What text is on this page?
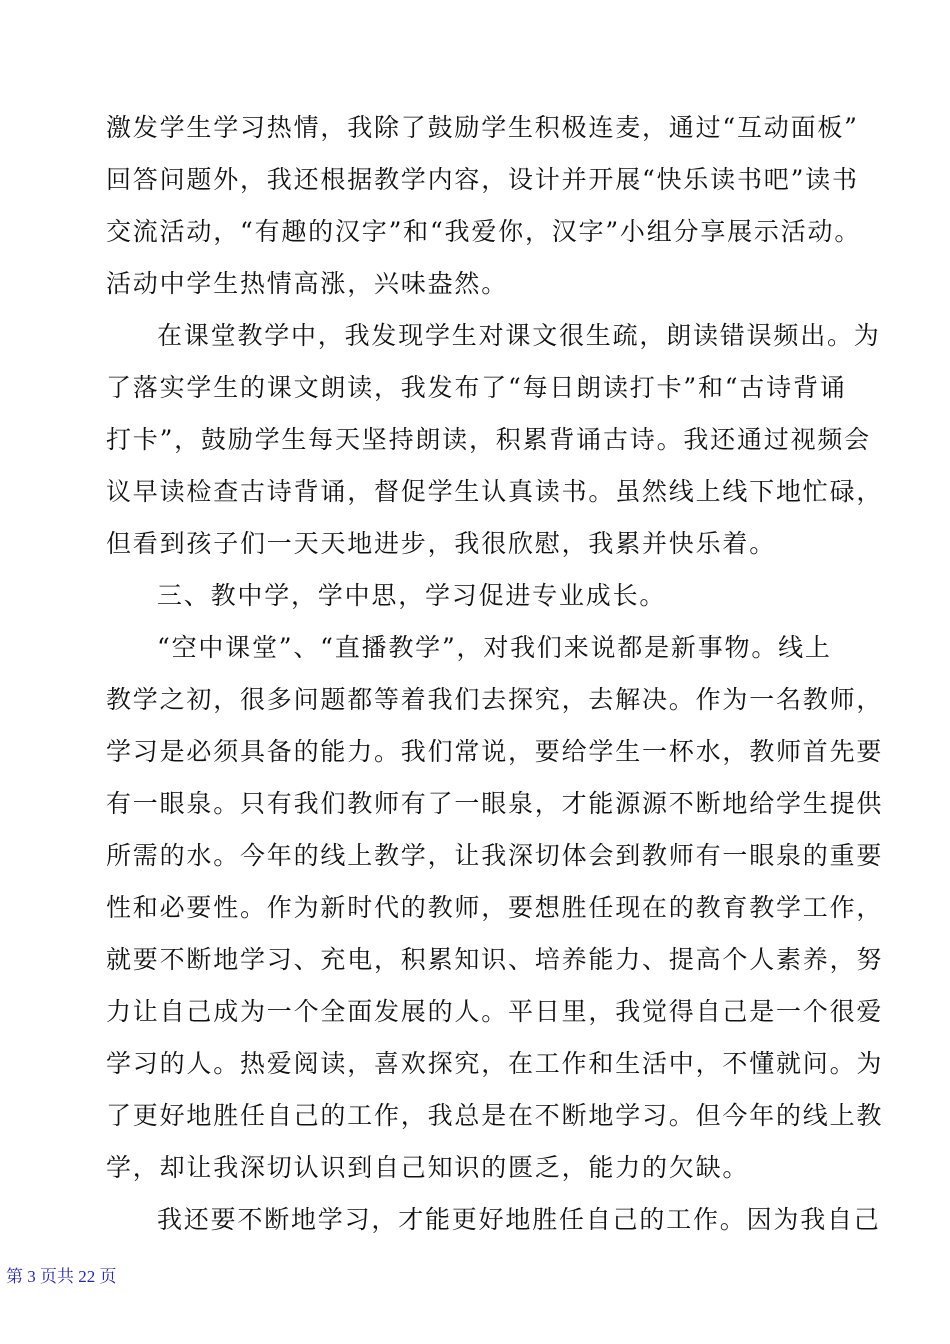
激发学生学习热情，我除了鼓励学生积极连麦，通过“互动面板”
回答问题外，我还根据教学内容，设计并开展“快乐读书吧”读书
交流活动，“有趣的汉字”和“我爱你，汉字”小组分享展示活动。
活动中学生热情高涨，兴味盎然。
在课堂教学中，我发现学生对课文很生疏，朗读错误频出。为
了落实学生的课文朗读，我发布了“每日朗读打卡”和“古诗背诵
打卡”，鼓励学生每天坚持朗读，积累背诵古诗。我还通过视频会
议早读检查古诗背诵，督促学生认真读书。虽然线上线下地忙碌，
但看到孩子们一天天地进步，我很欣慰，我累并快乐着。
三、教中学，学中思，学习促进专业成长。
“空中课堂”、“直播教学”，对我们来说都是新事物。线上
教学之初，很多问题都等着我们去探究，去解决。作为一名教师，
学习是必须具备的能力。我们常说，要给学生一杯水，教师首先要
有一眼泉。只有我们教师有了一眼泉，才能源源不断地给学生提供
所需的水。今年的线上教学，让我深切体会到教师有一眼泉的重要
性和必要性。作为新时代的教师，要想胜任现在的教育教学工作，
就要不断地学习、充电，积累知识、培养能力、提高个人素养，努
力让自己成为一个全面发展的人。平日里，我觉得自己是一个很爱
学习的人。热爱阅读，喜欢探究，在工作和生活中，不懂就问。为
了更好地胜任自己的工作，我总是在不断地学习。但今年的线上教
学，却让我深切认识到自己知识的匮乏，能力的欠缺。
我还要不断地学习，才能更好地胜任自己的工作。因为我自己
第 3 页共 22 页
